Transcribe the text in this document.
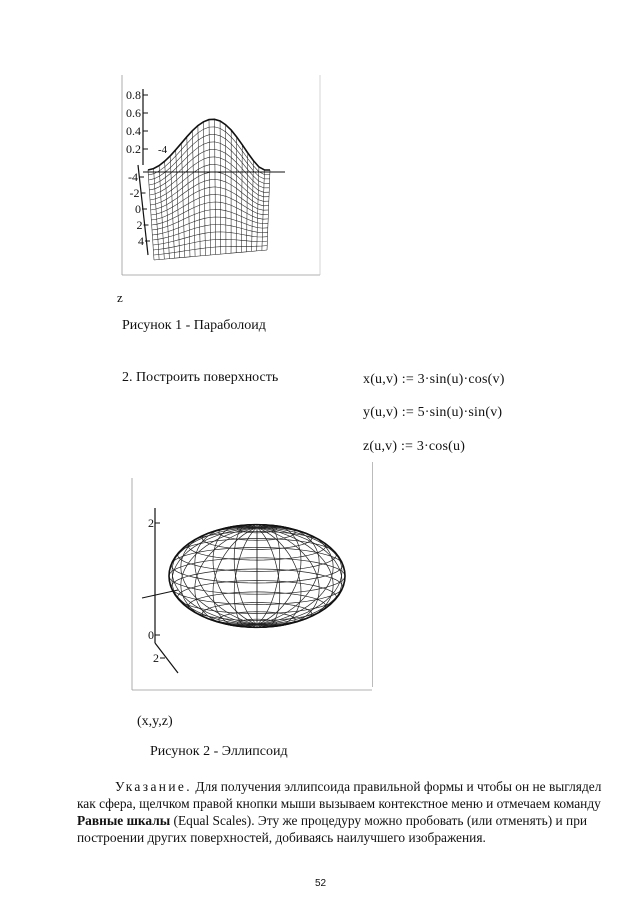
0.8
0.6
0.4
0.2
-4
-2
0
2
4
-4
z
Рисунок 1 - Параболоид
2. Построить поверхность	x(u,v) := 3·sin(u)·cos(v)
y(u,v) := 5·sin(u)·sin(v)
z(u,v) := 3·cos(u)
2
0
2
(x,y,z)
Рисунок 2 - Эллипсоид
Указание. Для получения эллипсоида правильной формы и чтобы он не выглядел как сфера, щелчком правой кнопки мыши вызываем контекстное меню и отмечаем команду Равные шкалы (Equal Scales). Эту же процедуру можно пробовать (или отменять) и при построении других поверхностей, добиваясь наилучшего изображения.
52
